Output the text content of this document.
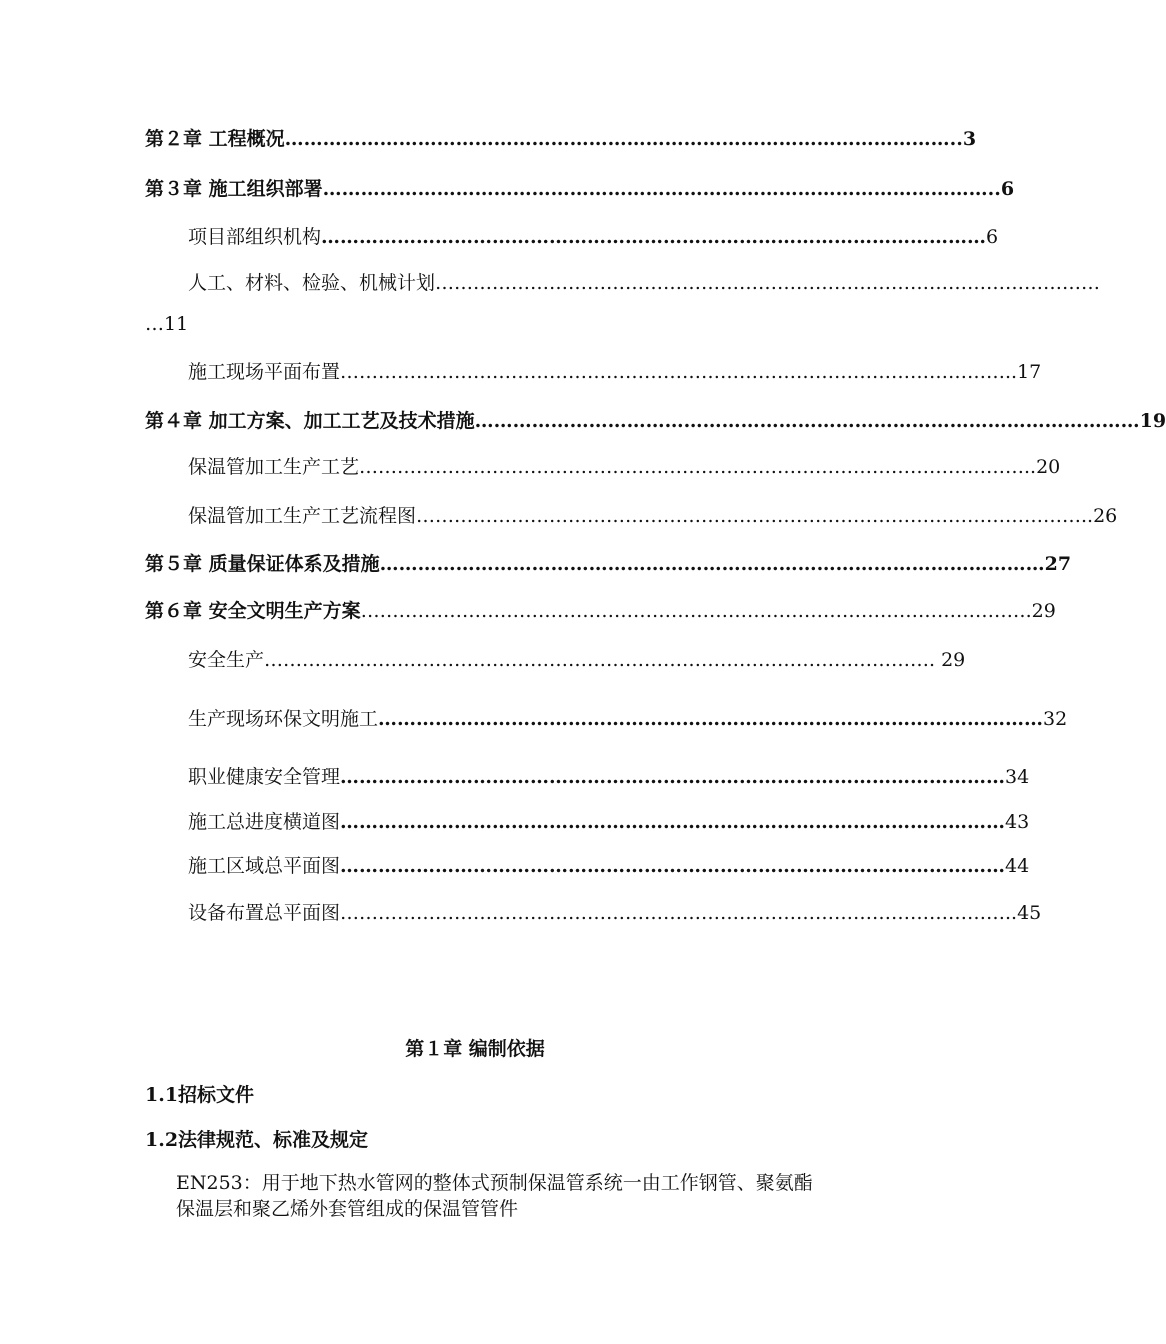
第２章 工程概况 …………………………………………………………………………………………… ..3
第３章 施工组织部署 …………………………………………………………………………………………… ..6
项目部组织机构 …………………………………………………………………………………………… 6
人工、材料、检验、机械计划 ……………………………………………………………………………………………
… 11
施工现场平面布置 …………………………………………………………………………………………… ..17
第４章 加工方案、加工工艺及技术措施 …………………………………………………………………………………………… 19
保温管加工生产工艺 …………………………………………………………………………………………… ..20
保温管加工生产工艺流程图 …………………………………………………………………………………………… ..26
第５章 质量保证体系及措施 …………………………………………………………………………………………… 27
第６章 安全文明生产方案 …………………………………………………………………………………………… .29
安全生产 …………………………………………………………………………………………… . 29
生产现场环保文明施工 …………………………………………………………………………………………… 32
职业健康安全管理 …………………………………………………………………………………………… 34
施工总进度横道图 …………………………………………………………………………………………… 43
施工区域总平面图 …………………………………………………………………………………………… 44
设备布置总平面图 …………………………………………………………………………………………… ..45
第１章 编制依据
1.1招标文件
1.2法律规范、标准及规定
EN253：用于地下热水管网的整体式预制保温管系统一由工作钢管、聚氨酯保温层和聚乙烯外套管组成的保温管管件
